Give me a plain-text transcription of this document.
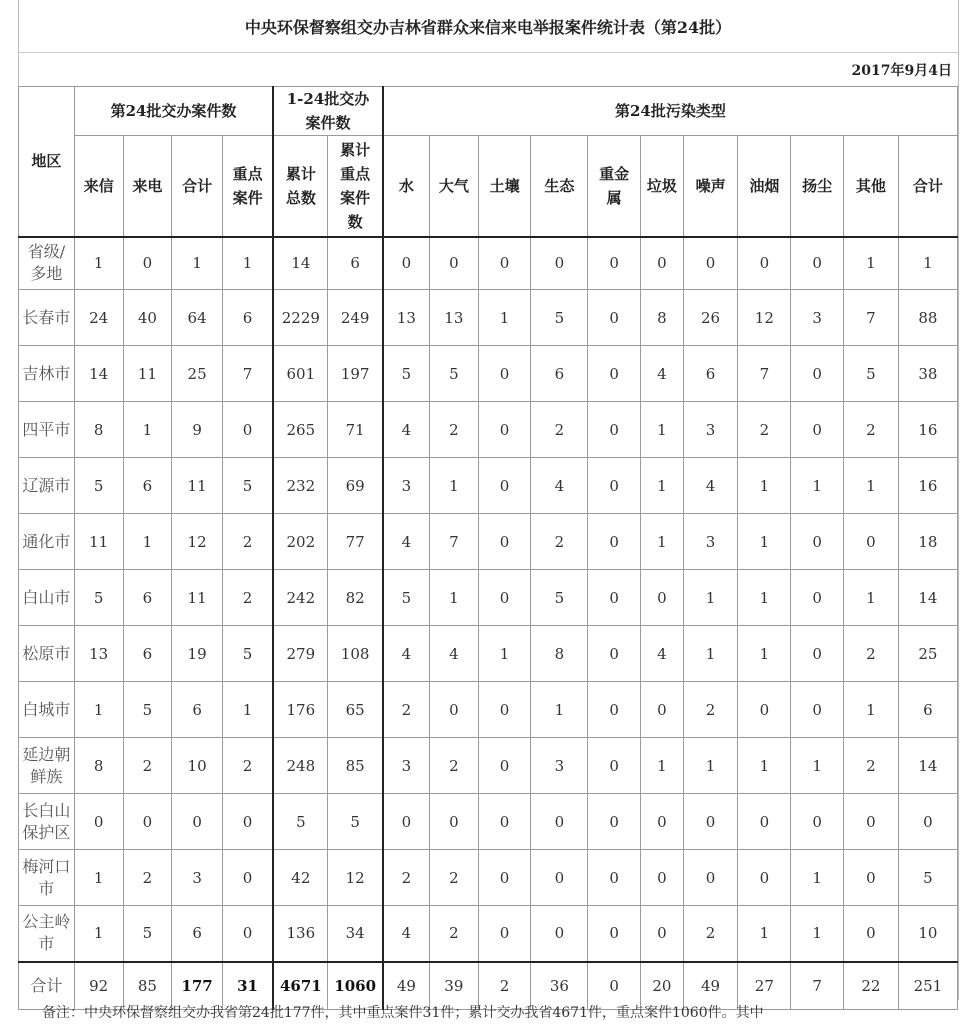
中央环保督察组交办吉林省群众来信来电举报案件统计表（第24批）
2017年9月4日
地区	第24批交办案件数				1-24批交办案件数		第24批污染类型										
	来信	来电	合计	重点案件	累计总数	累计重点案件数	水	大气	土壤	生态	重金属	垃圾	噪声	油烟	扬尘	其他	合计
省级/多地	1	0	1	1	14	6	0	0	0	0	0	0	0	0	0	1	1
长春市	24	40	64	6	2229	249	13	13	1	5	0	8	26	12	3	7	88
吉林市	14	11	25	7	601	197	5	5	0	6	0	4	6	7	0	5	38
四平市	8	1	9	0	265	71	4	2	0	2	0	1	3	2	0	2	16
辽源市	5	6	11	5	232	69	3	1	0	4	0	1	4	1	1	1	16
通化市	11	1	12	2	202	77	4	7	0	2	0	1	3	1	0	0	18
白山市	5	6	11	2	242	82	5	1	0	5	0	0	1	1	0	1	14
松原市	13	6	19	5	279	108	4	4	1	8	0	4	1	1	0	2	25
白城市	1	5	6	1	176	65	2	0	0	1	0	0	2	0	0	1	6
延边朝鲜族	8	2	10	2	248	85	3	2	0	3	0	1	1	1	1	2	14
长白山保护区	0	0	0	0	5	5	0	0	0	0	0	0	0	0	0	0	0
梅河口市	1	2	3	0	42	12	2	2	0	0	0	0	0	0	1	0	5
公主岭市	1	5	6	0	136	34	4	2	0	0	0	0	2	1	1	0	10
合计	92	85	177	31	4671	1060	49	39	2	36	0	20	49	27	7	22	251
备注：中央环保督察组交办我省第24批177件，其中重点案件31件；累计交办我省4671件，重点案件1060件。其中
